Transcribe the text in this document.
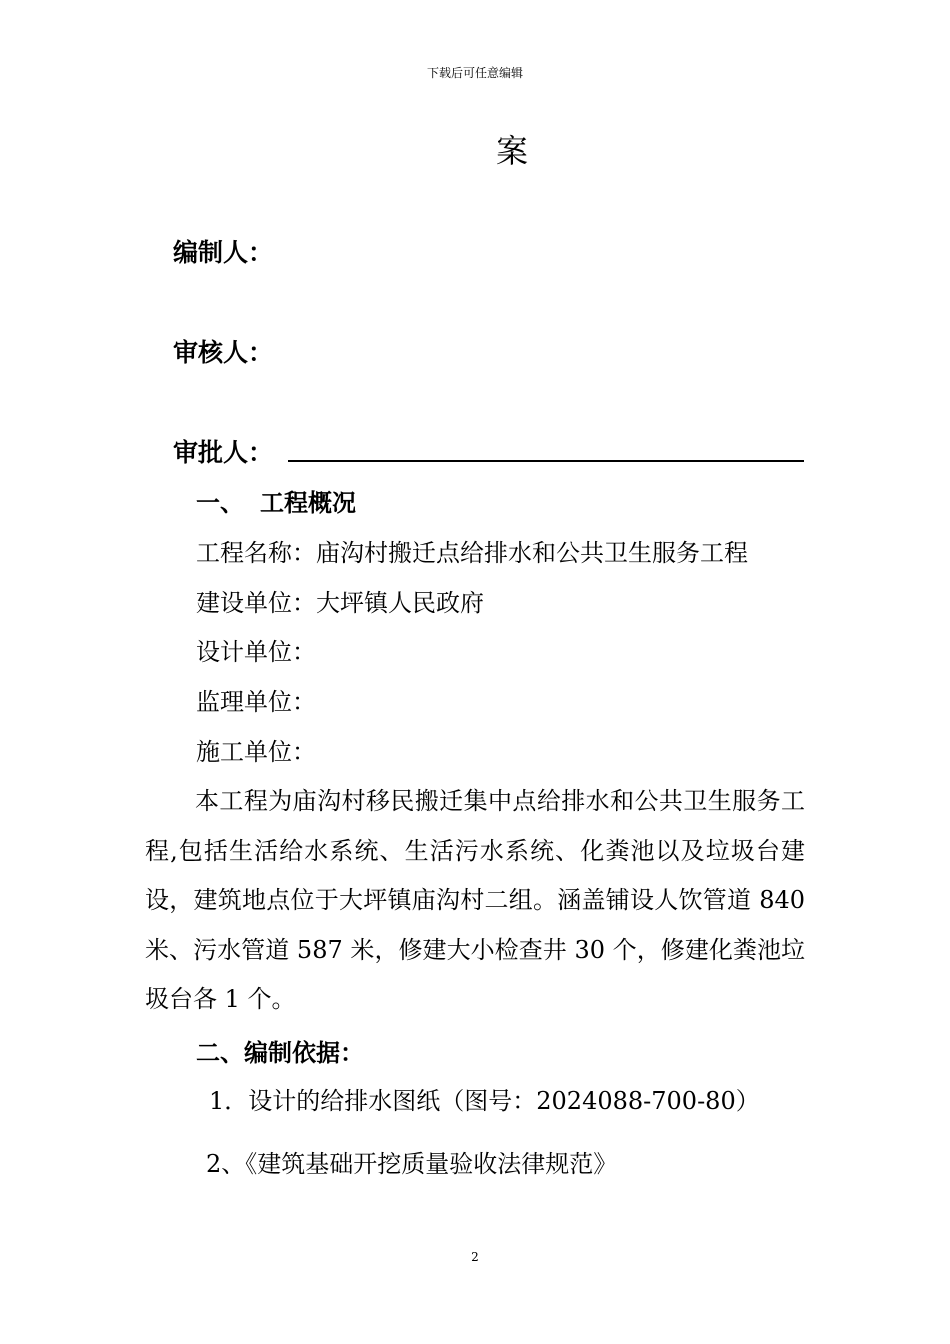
下载后可任意编辑
案
编制人：
审核人：
审批人：
一、 工程概况
工程名称：庙沟村搬迁点给排水和公共卫生服务工程
建设单位：大坪镇人民政府
设计单位：
监理单位：
施工单位：
本工程为庙沟村移民搬迁集中点给排水和公共卫生服务工程,包括生活给水系统、生活污水系统、化粪池以及垃圾台建设，建筑地点位于大坪镇庙沟村二组。涵盖铺设人饮管道 840 米、污水管道 587 米，修建大小检查井 30 个，修建化粪池垃圾台各 1 个。
二、编制依据：
1．设计的给排水图纸（图号：2024088-700-80）
2、《建筑基础开挖质量验收法律规范》
2
